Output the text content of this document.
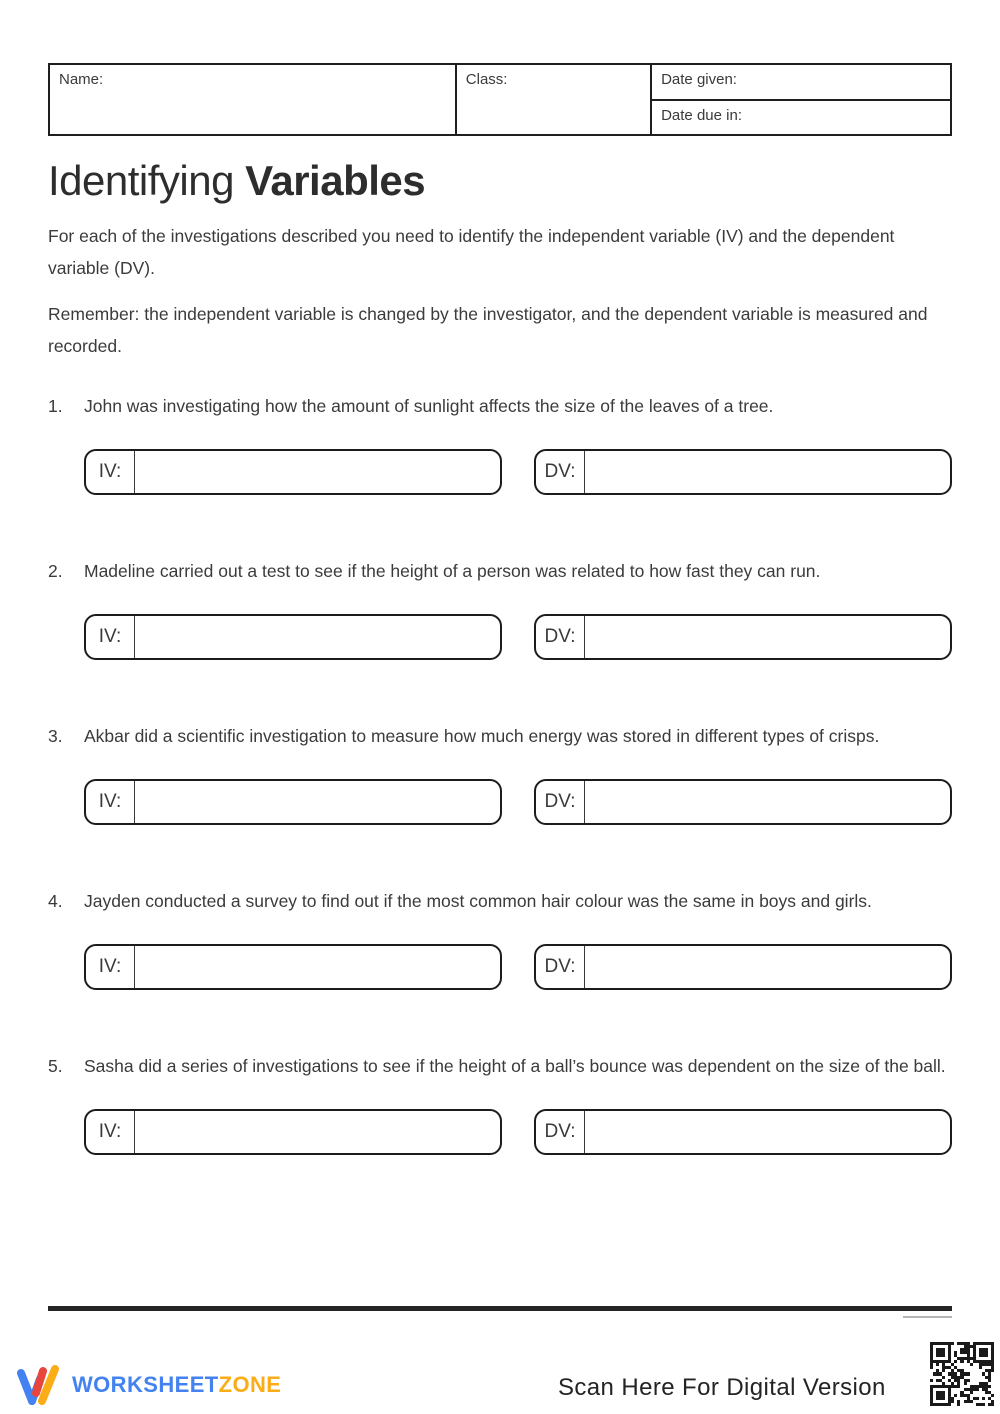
Name:	Class:	Date given:
Date due in:
Identifying Variables

For each of the investigations described you need to identify the independent variable (IV) and the dependent variable (DV).

Remember: the independent variable is changed by the investigator, and the dependent variable is measured and recorded.

1.	John was investigating how the amount of sunlight affects the size of the leaves of a tree.
IV:	DV:
2.	Madeline carried out a test to see if the height of a person was related to how fast they can run.
IV:	DV:
3.	Akbar did a scientific investigation to measure how much energy was stored in different types of crisps.
IV:	DV:
4.	Jayden conducted a survey to find out if the most common hair colour was the same in boys and girls.
IV:	DV:
5.	Sasha did a series of investigations to see if the height of a ball’s bounce was dependent on the size of the ball.
IV:	DV:
WORKSHEET ZONE	Scan Here For Digital Version
